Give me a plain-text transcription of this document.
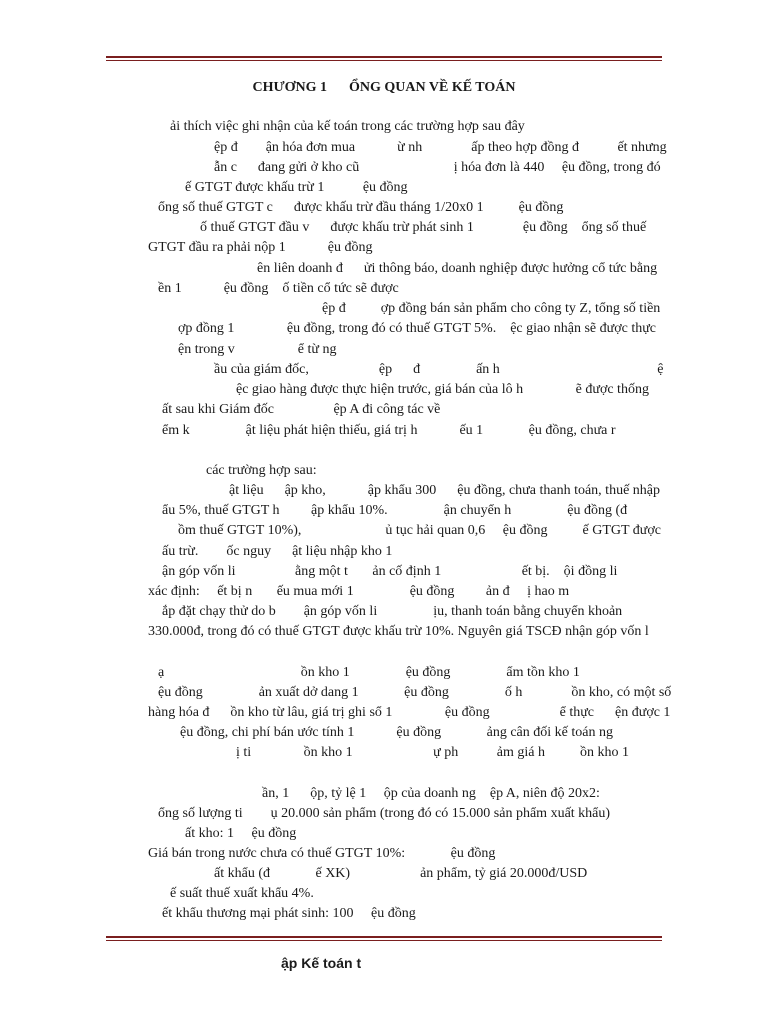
CHƯƠNG 1 ỔNG QUAN VỀ KẾ TOÁN
ải thích việc ghi nhận của kế toán trong các trường hợp sau đây
ệp đ        ận hóa đơn mua            ừ nh              ấp theo hợp đồng đ           ết nhưng
ẫn c      đang gửi ở kho cũ                           ị hóa đơn là 440     ệu đồng, trong đó
ế GTGT được khấu trừ 1           ệu đồng
ổng số thuế GTGT c      được khấu trừ đầu tháng 1/20x0 1          ệu đồng
ố thuế GTGT đầu v      được khấu trừ phát sinh 1              ệu đồng    ổng số thuế
GTGT đầu ra phải nộp 1            ệu đồng
ên liên doanh đ      ửi thông báo, doanh nghiệp được hưởng cổ tức bằng
ền 1            ệu đồng    ố tiền cổ tức sẽ được
ệp đ          ợp đồng bán sản phẩm cho công ty Z, tổng số tiền
ợp đồng 1               ệu đồng, trong đó có thuế GTGT 5%.    ệc giao nhận sẽ được thực
ện trong v                  ể từ ng
ầu của giám đốc,                    ệp      đ                ấn h                                             ệ
ệc giao hàng được thực hiện trước, giá bán của lô h               ẽ được thống
ất sau khi Giám đốc                 ệp A đi công tác về
ểm k                ật liệu phát hiện thiếu, giá trị h            ếu 1             ệu đồng, chưa r
các trường hợp sau:
ật liệu      ập kho,            ập khẩu 300      ệu đồng, chưa thanh toán, thuế nhập
ẩu 5%, thuế GTGT h         ập khẩu 10%.                ận chuyển h                ệu đồng (đ
ồm thuế GTGT 10%),                        ủ tục hải quan 0,6     ệu đồng          ế GTGT được
ấu trừ.        ốc nguy      ật liệu nhập kho 1
ận góp vốn li                 ằng một t       ản cố định 1                       ết bị.    ội đồng li
xác định:     ết bị n       ếu mua mới 1                ệu đồng         ản đ     ị hao m
ắp đặt chạy thử do b        ận góp vốn li                ịu, thanh toán bằng chuyển khoản
330.000đ, trong đó có thuế GTGT được khấu trừ 10%. Nguyên giá TSCĐ nhận góp vốn l
ạ                                       ồn kho 1                ệu đồng                ẩm tồn kho 1
ệu đồng                ản xuất dở dang 1             ệu đồng                ố h              ồn kho, có một số
hàng hóa đ      ồn kho từ lâu, giá trị ghi sổ 1               ệu đồng                    ể thực      ện được 1
ệu đồng, chi phí bán ước tính 1            ệu đồng             ảng cân đối kế toán ng
ị ti               ồn kho 1                       ự ph           ảm giá h          ồn kho 1
ần, 1      ộp, tỷ lệ 1     ộp của doanh ng    ệp A, niên độ 20x2:
ổng số lượng ti        ụ 20.000 sản phẩm (trong đó có 15.000 sản phẩm xuất khẩu)
ất kho: 1     ệu đồng
Giá bán trong nước chưa có thuế GTGT 10%:             ệu đồng
ất khẩu (đ             ế XK)                    ản phẩm, tỷ giá 20.000đ/USD
ế suất thuế xuất khẩu 4%.
ết khẩu thương mại phát sinh: 100     ệu đồng
ập Kế toán t
